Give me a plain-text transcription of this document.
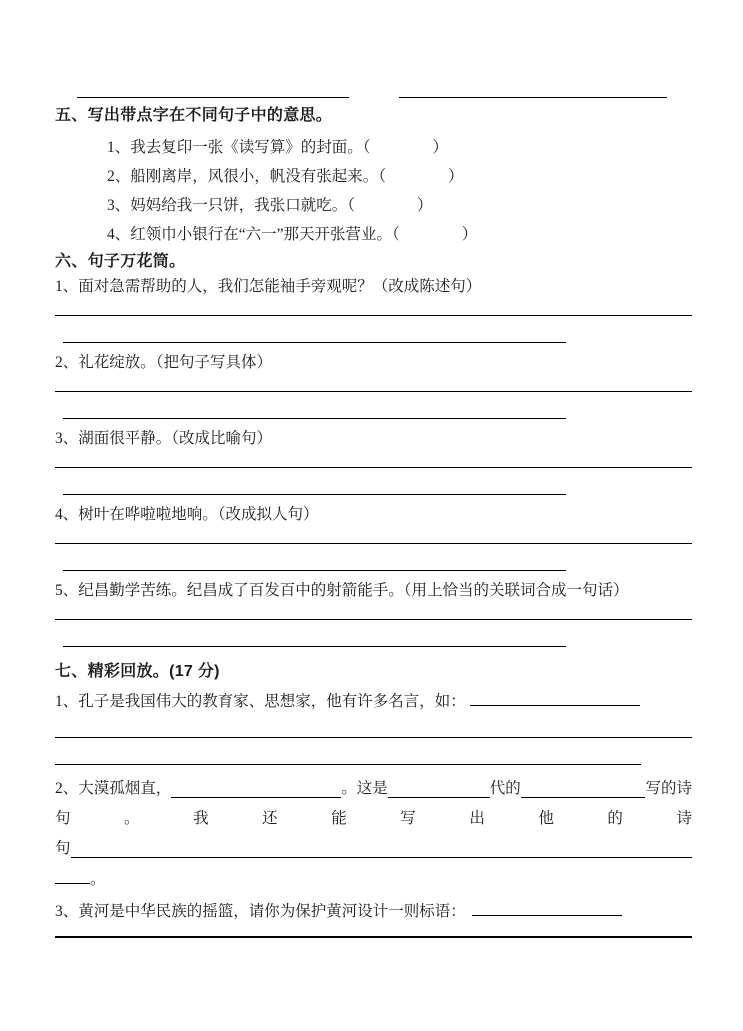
五、写出带点字在不同句子中的意思。
1、我去复印一张《读写算》的封面。（　　　　）
2、船刚离岸，风很小，帆没有张起来。（　　　　）
3、妈妈给我一只饼，我张口就吃。（　　　　）
4、红领巾小银行在“六一”那天开张营业。（　　　　）
六、句子万花筒。
1、面对急需帮助的人，我们怎能袖手旁观呢？（改成陈述句）
2、礼花绽放。（把句子写具体）
3、湖面很平静。（改成比喻句）
4、树叶在哗啦啦地响。（改成拟人句）
5、纪昌勤学苦练。纪昌成了百发百中的射箭能手。（用上恰当的关联词合成一句话）
七、精彩回放。(17 分)
1、孔子是我国伟大的教育家、思想家，他有许多名言，如：
2、大漠孤烟直，	。这是	代的	写的诗
句 。 我 还 能 写 出 他 的 诗
句
。
3、黄河是中华民族的摇篮，请你为保护黄河设计一则标语：
